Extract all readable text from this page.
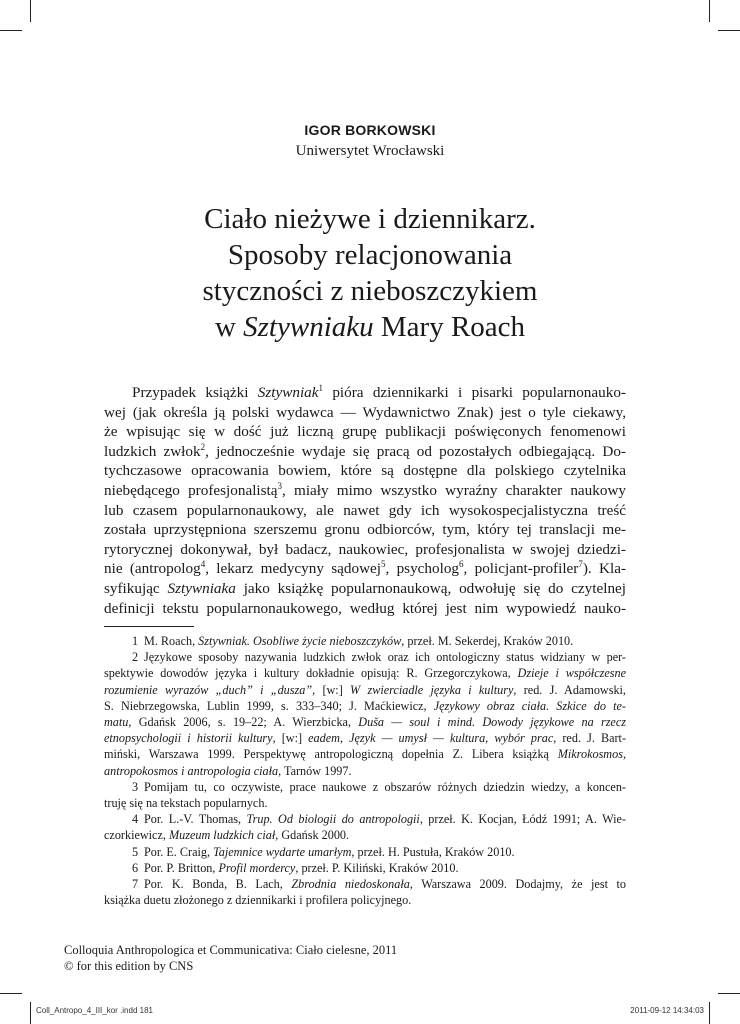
IGOR BORKOWSKI
Uniwersytet Wrocławski
Ciało nieżywe i dziennikarz.
Sposoby relacjonowania
styczności z nieboszczykiem
w Sztywniaku Mary Roach
Przypadek książki Sztywniak$^1$ pióra dziennikarki i pisarki popularnonauko-
wej (jak określa ją polski wydawca — Wydawnictwo Znak) jest o tyle ciekawy,
że wpisując się w dość już liczną grupę publikacji poświęconych fenomenowi
ludzkich zwłok$^2$, jednocześnie wydaje się pracą od pozostałych odbiegającą. Do-
tychczasowe opracowania bowiem, które są dostępne dla polskiego czytelnika
niebędącego profesjonalistą$^3$, miały mimo wszystko wyraźny charakter naukowy
lub czasem popularnonaukowy, ale nawet gdy ich wysokospecjalistyczna treść
została uprzystępniona szerszemu gronu odbiorców, tym, który tej translacji me-
rytorycznej dokonywał, był badacz, naukowiec, profesjonalista w swojej dziedzi-
nie (antropolog$^4$, lekarz medycyny sądowej$^5$, psycholog$^6$, policjant-profiler$^7$). Kla-
syfikując Sztywniaka jako książkę popularnonaukową, odwołuję się do czytelnej
definicji tekstu popularnonaukowego, według której jest nim wypowiedź nauko-
1 M. Roach, Sztywniak. Osobliwe życie nieboszczyków, przeł. M. Sekerdej, Kraków 2010.
2 Językowe sposoby nazywania ludzkich zwłok oraz ich ontologiczny status widziany w per-
spektywie dowodów języka i kultury dokładnie opisują: R. Grzegorczykowa, Dzieje i współczesne
rozumienie wyrazów „duch” i „dusza”, [w:] W zwierciadle języka i kultury, red. J. Adamowski,
S. Niebrzegowska, Lublin 1999, s. 333–340; J. Maćkiewicz, Językowy obraz ciała. Szkice do te-
matu, Gdańsk 2006, s. 19–22; A. Wierzbicka, Duša — soul i mind. Dowody językowe na rzecz
etnopsychologii i historii kultury, [w:] eadem, Język — umysł — kultura, wybór prac, red. J. Bart-
miński, Warszawa 1999. Perspektywę antropologiczną dopełnia Z. Libera książką Mikrokosmos,
antropokosmos i antropologia ciała, Tarnów 1997.
3 Pomijam tu, co oczywiste, prace naukowe z obszarów różnych dziedzin wiedzy, a koncen-
truję się na tekstach popularnych.
4 Por. L.-V. Thomas, Trup. Od biologii do antropologii, przeł. K. Kocjan, Łódź 1991; A. Wie-
czorkiewicz, Muzeum ludzkich ciał, Gdańsk 2000.
5 Por. E. Craig, Tajemnice wydarte umarłym, przeł. H. Pustuła, Kraków 2010.
6 Por. P. Britton, Profil mordercy, przeł. P. Kiliński, Kraków 2010.
7 Por. K. Bonda, B. Lach, Zbrodnia niedoskonała, Warszawa 2009. Dodajmy, że jest to
książka duetu złożonego z dziennikarki i profilera policyjnego.
Colloquia Anthropologica et Communicativa: Ciało cielesne, 2011
© for this edition by CNS
Coll_Antropo_4_III_kor .indd 181	2011-09-12 14:34:03
